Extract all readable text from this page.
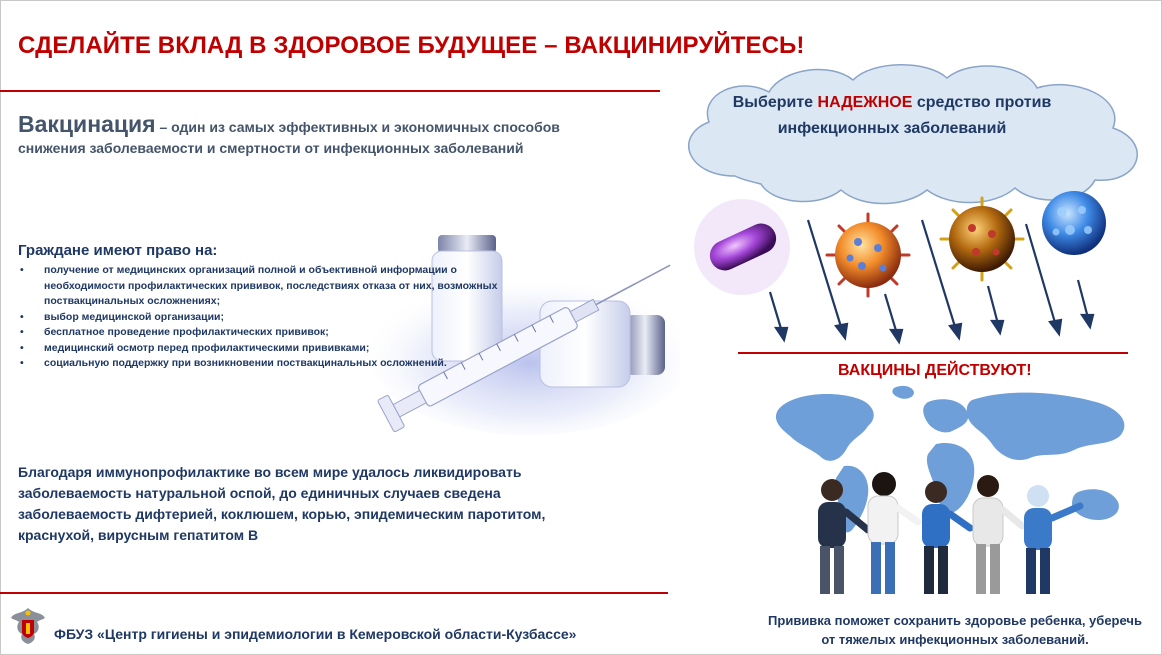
СДЕЛАЙТЕ ВКЛАД В ЗДОРОВОЕ БУДУЩЕЕ – ВАКЦИНИРУЙТЕСЬ!

Вакцинация – один из самых эффективных и экономичных способов снижения заболеваемости и смертности от инфекционных заболеваний

Граждане имеют право на:
• получение от медицинских организаций полной и объективной информации о необходимости профилактических прививок, последствиях отказа от них, возможных поствакцинальных осложнениях;
• выбор медицинской организации;
• бесплатное проведение профилактических прививок;
• медицинский осмотр перед профилактическими прививками;
• социальную поддержку при возникновении поствакцинальных осложнений.

Благодаря иммунопрофилактике во всем мире удалось ликвидировать заболеваемость натуральной оспой, до единичных случаев сведена заболеваемость дифтерией, коклюшем, корью, эпидемическим паротитом, краснухой, вирусным гепатитом В

ФБУЗ «Центр гигиены и эпидемиологии в Кемеровской области-Кузбассе»

Выберите НАДЕЖНОЕ средство против инфекционных заболеваний

ВАКЦИНЫ ДЕЙСТВУЮТ!

Прививка поможет сохранить здоровье ребенка, уберечь от тяжелых инфекционных заболеваний.
